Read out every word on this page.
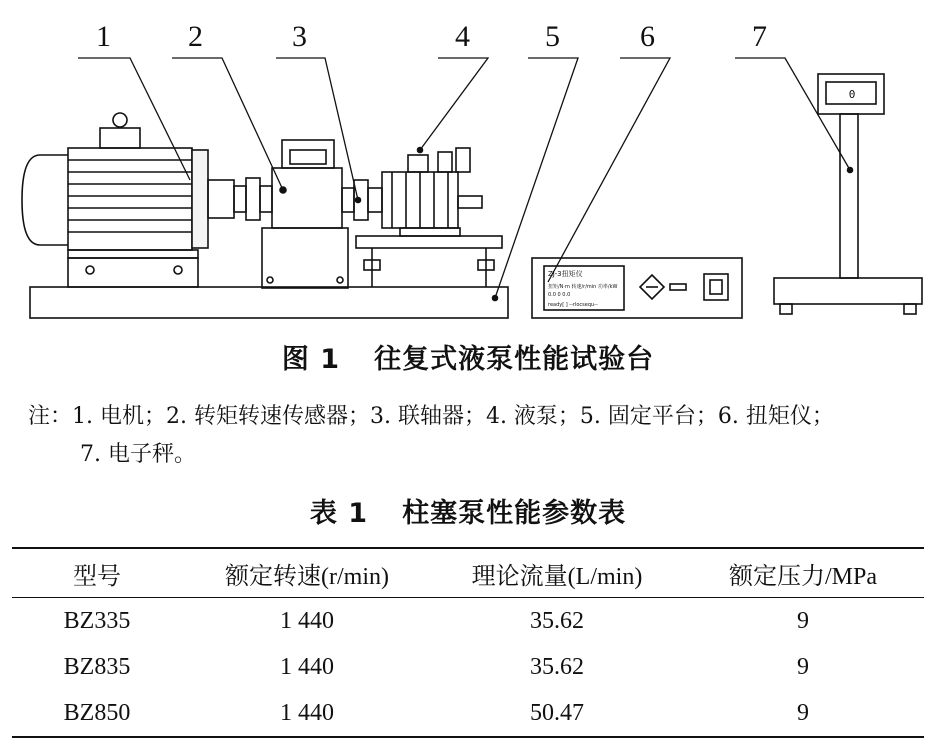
1	2	3	4	5	6	7
ZJ-3扭矩仪
扭矩/N·m 转速/r/min 功率/kW
0.0 0 0.0
ready[ ] --rlocsequ--
0
图 1 往复式液泵性能试验台
注：1. 电机；2. 转矩转速传感器；3. 联轴器；4. 液泵；5. 固定平台；6. 扭矩仪；
7. 电子秤。
表 1 柱塞泵性能参数表
型号	额定转速(r/min)	理论流量(L/min)	额定压力/MPa
BZ335	1 440	35.62	9
BZ835	1 440	35.62	9
BZ850	1 440	50.47	9
